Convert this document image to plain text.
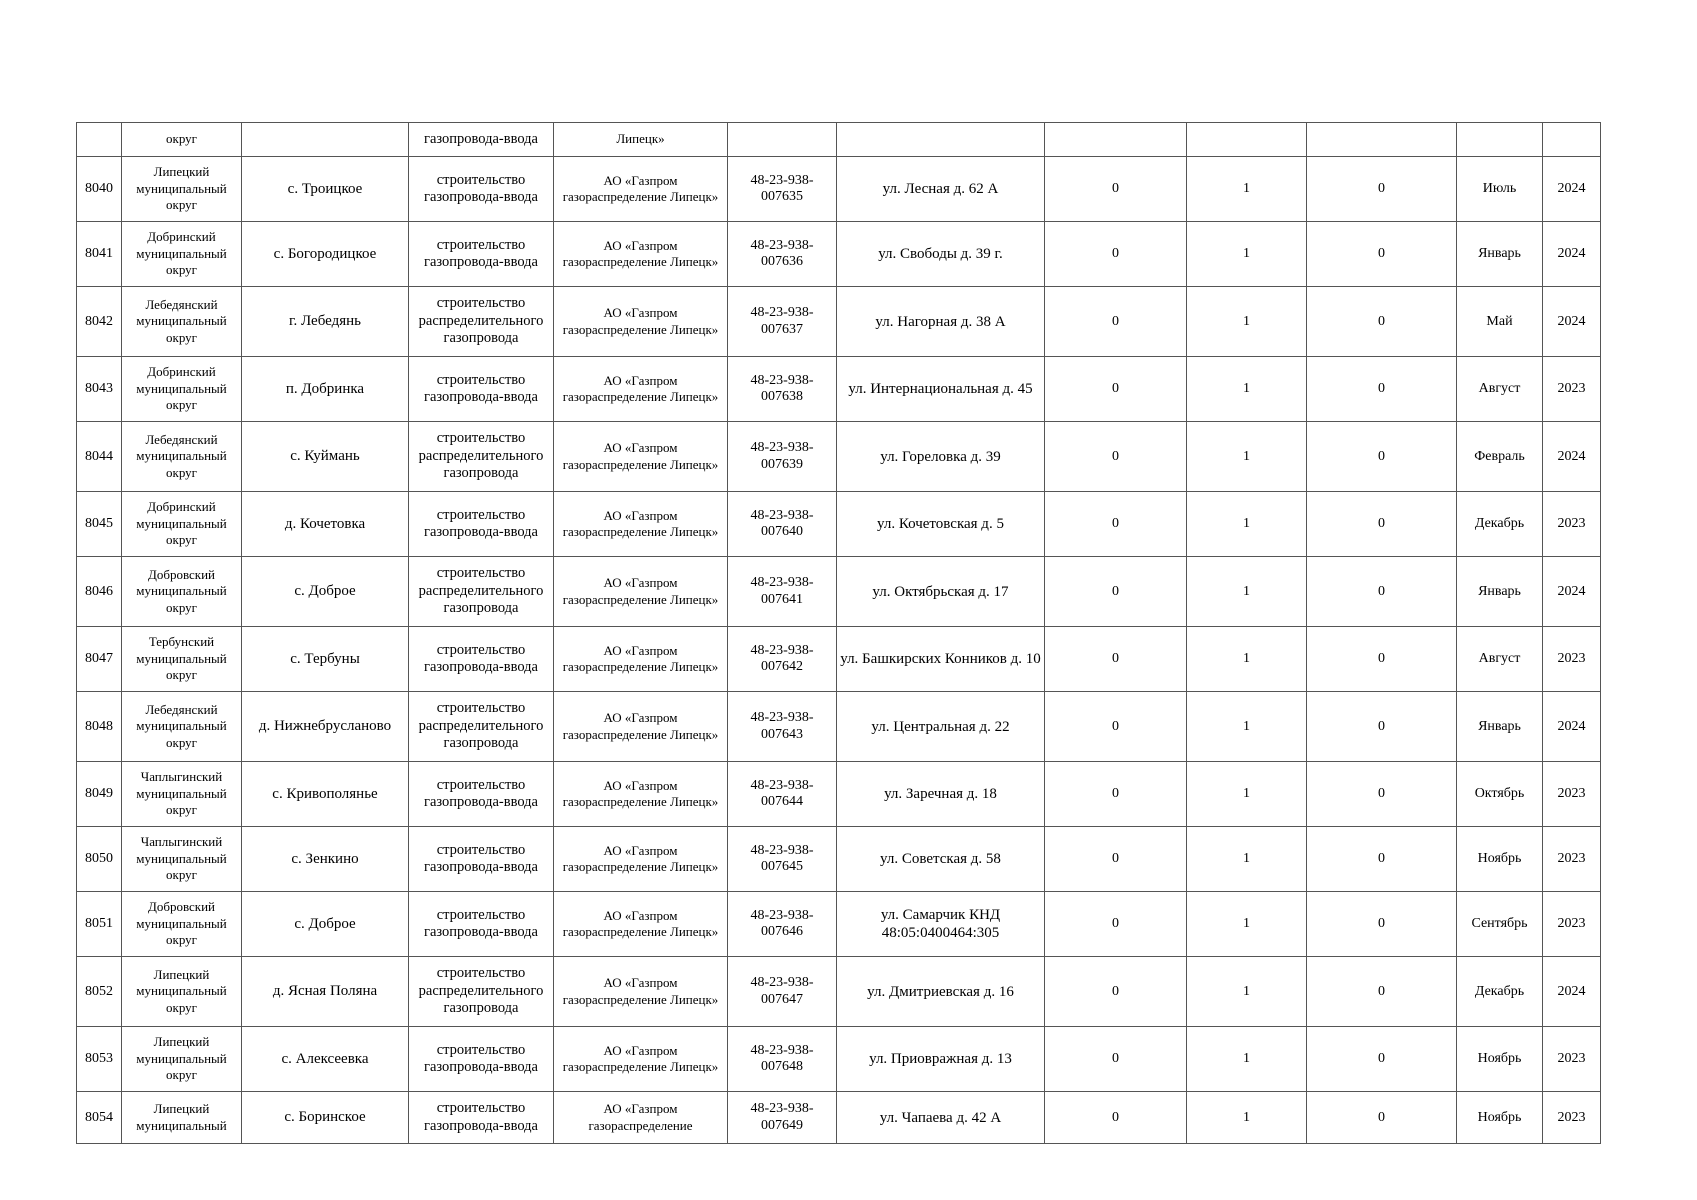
	округ		газопровода-ввода	Липецк»							
8040	Липецкий муниципальный округ	с. Троицкое	строительство газопровода-ввода	АО «Газпром газораспределение Липецк»	48-23-938-007635	ул. Лесная д. 62 А	0	1	0	Июль	2024
8041	Добринский муниципальный округ	с. Богородицкое	строительство газопровода-ввода	АО «Газпром газораспределение Липецк»	48-23-938-007636	ул. Свободы д. 39 г.	0	1	0	Январь	2024
8042	Лебедянский муниципальный округ	г. Лебедянь	строительство распределительного газопровода	АО «Газпром газораспределение Липецк»	48-23-938-007637	ул. Нагорная д. 38 А	0	1	0	Май	2024
8043	Добринский муниципальный округ	п. Добринка	строительство газопровода-ввода	АО «Газпром газораспределение Липецк»	48-23-938-007638	ул. Интернациональная д. 45	0	1	0	Август	2023
8044	Лебедянский муниципальный округ	с. Куймань	строительство распределительного газопровода	АО «Газпром газораспределение Липецк»	48-23-938-007639	ул. Гореловка д. 39	0	1	0	Февраль	2024
8045	Добринский муниципальный округ	д. Кочетовка	строительство газопровода-ввода	АО «Газпром газораспределение Липецк»	48-23-938-007640	ул. Кочетовская д. 5	0	1	0	Декабрь	2023
8046	Добровский муниципальный округ	с. Доброе	строительство распределительного газопровода	АО «Газпром газораспределение Липецк»	48-23-938-007641	ул. Октябрьская д. 17	0	1	0	Январь	2024
8047	Тербунский муниципальный округ	с. Тербуны	строительство газопровода-ввода	АО «Газпром газораспределение Липецк»	48-23-938-007642	ул. Башкирских Конников д. 10	0	1	0	Август	2023
8048	Лебедянский муниципальный округ	д. Нижнебрусланово	строительство распределительного газопровода	АО «Газпром газораспределение Липецк»	48-23-938-007643	ул. Центральная д. 22	0	1	0	Январь	2024
8049	Чаплыгинский муниципальный округ	с. Кривополянье	строительство газопровода-ввода	АО «Газпром газораспределение Липецк»	48-23-938-007644	ул. Заречная д. 18	0	1	0	Октябрь	2023
8050	Чаплыгинский муниципальный округ	с. Зенкино	строительство газопровода-ввода	АО «Газпром газораспределение Липецк»	48-23-938-007645	ул. Советская д. 58	0	1	0	Ноябрь	2023
8051	Добровский муниципальный округ	с. Доброе	строительство газопровода-ввода	АО «Газпром газораспределение Липецк»	48-23-938-007646	ул. Самарчик КНД 48:05:0400464:305	0	1	0	Сентябрь	2023
8052	Липецкий муниципальный округ	д. Ясная Поляна	строительство распределительного газопровода	АО «Газпром газораспределение Липецк»	48-23-938-007647	ул. Дмитриевская д. 16	0	1	0	Декабрь	2024
8053	Липецкий муниципальный округ	с. Алексеевка	строительство газопровода-ввода	АО «Газпром газораспределение Липецк»	48-23-938-007648	ул. Приовражная д. 13	0	1	0	Ноябрь	2023
8054	Липецкий муниципальный	с. Боринское	строительство газопровода-ввода	АО «Газпром газораспределение	48-23-938-007649	ул. Чапаева д. 42 А	0	1	0	Ноябрь	2023
